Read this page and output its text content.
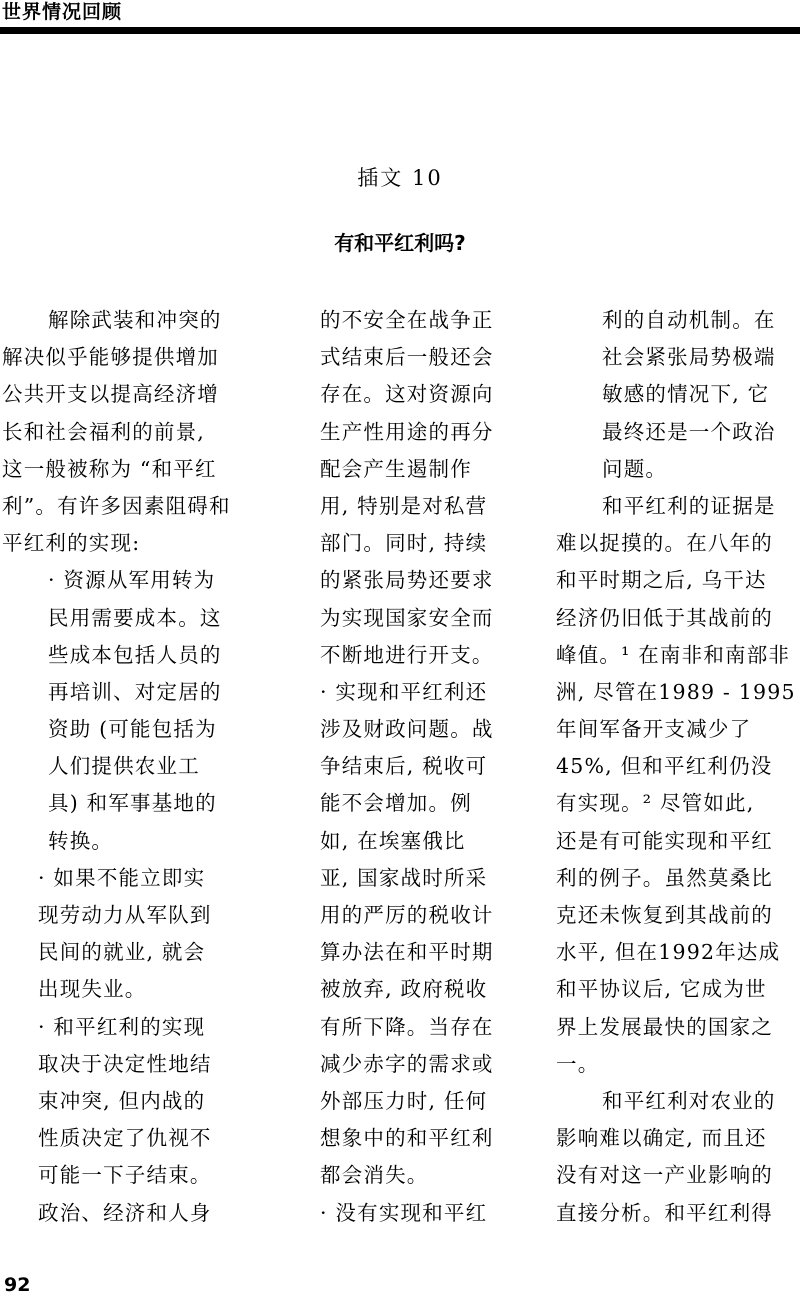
世界情况回顾
插文 10
有和平红利吗?
解除武装和冲突的
解决似乎能够提供增加
公共开支以提高经济增
长和社会福利的前景,
这一般被称为 “和平红
利”。有许多因素阻碍和
平红利的实现:
· 资源从军用转为
民用需要成本。这
些成本包括人员的
再培训、对定居的
资助 (可能包括为
人们提供农业工
具) 和军事基地的
转换。
· 如果不能立即实
现劳动力从军队到
民间的就业, 就会
出现失业。
· 和平红利的实现
取决于决定性地结
束冲突, 但内战的
性质决定了仇视不
可能一下子结束。
政治、经济和人身
的不安全在战争正
式结束后一般还会
存在。这对资源向
生产性用途的再分
配会产生遏制作
用, 特别是对私营
部门。同时, 持续
的紧张局势还要求
为实现国家安全而
不断地进行开支。
· 实现和平红利还
涉及财政问题。战
争结束后, 税收可
能不会增加。例
如, 在埃塞俄比
亚, 国家战时所采
用的严厉的税收计
算办法在和平时期
被放弃, 政府税收
有所下降。当存在
减少赤字的需求或
外部压力时, 任何
想象中的和平红利
都会消失。
· 没有实现和平红
利的自动机制。在
社会紧张局势极端
敏感的情况下, 它
最终还是一个政治
问题。
和平红利的证据是
难以捉摸的。在八年的
和平时期之后, 乌干达
经济仍旧低于其战前的
峰值。¹ 在南非和南部非
洲, 尽管在1989 - 1995
年间军备开支减少了
45%, 但和平红利仍没
有实现。² 尽管如此,
还是有可能实现和平红
利的例子。虽然莫桑比
克还未恢复到其战前的
水平, 但在1992年达成
和平协议后, 它成为世
界上发展最快的国家之
一。
和平红利对农业的
影响难以确定, 而且还
没有对这一产业影响的
直接分析。和平红利得
92
